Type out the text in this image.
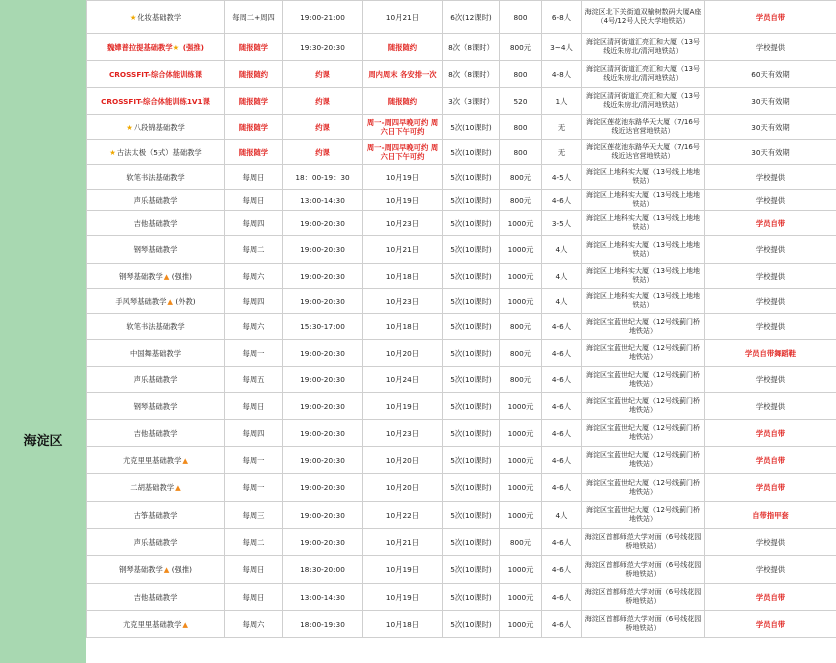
海淀区
★化妆基础教学	每周二+周四	19:00-21:00	10月21日	6次(12课时)	800	6-8人	海淀区北下关街道双榆树数码大厦A座（4号/12号人民大学地铁站）	学员自带
魏嬅普拉提基础教学★ (强推)	随报随学	19:30-20:30	随报随约	8次（8课时）	800元	3~4人	海淀区清河街道汇亮汇和大厦（13号线近朱房北/清河地铁站）	学校提供
CROSSFIT-综合体能训练课	随报随约	约课	周内周末 各安排一次	8次（8课时）	800	4-8人	海淀区清河街道汇亮汇和大厦（13号线近朱房北/清河地铁站）	60天有效期
CROSSFIT-综合体能训练1V1课	随报随学	约课	随报随约	3次（3课时）	520	1人	海淀区清河街道汇亮汇和大厦（13号线近朱房北/清河地铁站）	30天有效期
★八段锦基础教学	随报随学	约课	周一-周四早晚可约 周六日下午可约	5次(10课时)	800	无	海淀区莲花池东路华天大厦（7/16号线近达官营地铁站）	30天有效期
★古法太极（5式）基础教学	随报随学	约课	周一-周四早晚可约 周六日下午可约	5次(10课时)	800	无	海淀区莲花池东路华天大厦（7/16号线近达官营地铁站）	30天有效期
软笔书法基础教学	每周日	18：00-19：30	10月19日	5次(10课时)	800元	4-5人	海淀区上地科实大厦（13号线上地地铁站）	学校提供
声乐基础教学	每周日	13:00-14:30	10月19日	5次(10课时)	800元	4-6人	海淀区上地科实大厦（13号线上地地铁站）	学校提供
吉他基础教学	每周四	19:00-20:30	10月23日	5次(10课时)	1000元	3-5人	海淀区上地科实大厦（13号线上地地铁站）	学员自带
钢琴基础教学	每周二	19:00-20:30	10月21日	5次(10课时)	1000元	4人	海淀区上地科实大厦（13号线上地地铁站）	学校提供
钢琴基础教学▲ (强推)	每周六	19:00-20:30	10月18日	5次(10课时)	1000元	4人	海淀区上地科实大厦（13号线上地地铁站）	学校提供
手风琴基础教学▲ (外教)	每周四	19:00-20:30	10月23日	5次(10课时)	1000元	4人	海淀区上地科实大厦（13号线上地地铁站）	学校提供
软笔书法基础教学	每周六	15:30-17:00	10月18日	5次(10课时)	800元	4-6人	海淀区宝蓝世纪大厦（12号线蓟门桥地铁站）	学校提供
中国舞基础教学	每周一	19:00-20:30	10月20日	5次(10课时)	800元	4-6人	海淀区宝蓝世纪大厦（12号线蓟门桥地铁站）	学员自带舞蹈鞋
声乐基础教学	每周五	19:00-20:30	10月24日	5次(10课时)	800元	4-6人	海淀区宝蓝世纪大厦（12号线蓟门桥地铁站）	学校提供
钢琴基础教学	每周日	19:00-20:30	10月19日	5次(10课时)	1000元	4-6人	海淀区宝蓝世纪大厦（12号线蓟门桥地铁站）	学校提供
吉他基础教学	每周四	19:00-20:30	10月23日	5次(10课时)	1000元	4-6人	海淀区宝蓝世纪大厦（12号线蓟门桥地铁站）	学员自带
尤克里里基础教学▲	每周一	19:00-20:30	10月20日	5次(10课时)	1000元	4-6人	海淀区宝蓝世纪大厦（12号线蓟门桥地铁站）	学员自带
二胡基础教学▲	每周一	19:00-20:30	10月20日	5次(10课时)	1000元	4-6人	海淀区宝蓝世纪大厦（12号线蓟门桥地铁站）	学员自带
古筝基础教学	每周三	19:00-20:30	10月22日	5次(10课时)	1000元	4人	海淀区宝蓝世纪大厦（12号线蓟门桥地铁站）	自带指甲套
声乐基础教学	每周二	19:00-20:30	10月21日	5次(10课时)	800元	4-6人	海淀区首都师范大学对面（6号线花园桥地铁站）	学校提供
钢琴基础教学▲ (强推)	每周日	18:30-20:00	10月19日	5次(10课时)	1000元	4-6人	海淀区首都师范大学对面（6号线花园桥地铁站）	学校提供
吉他基础教学	每周日	13:00-14:30	10月19日	5次(10课时)	1000元	4-6人	海淀区首都师范大学对面（6号线花园桥地铁站）	学员自带
尤克里里基础教学▲	每周六	18:00-19:30	10月18日	5次(10课时)	1000元	4-6人	海淀区首都师范大学对面（6号线花园桥地铁站）	学员自带
